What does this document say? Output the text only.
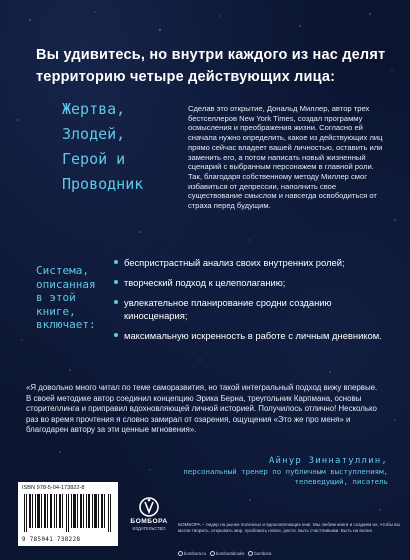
Вы удивитесь, но внутри каждого из нас делят территорию четыре действующих лица:

Жертва,
Злодей,
Герой и
Проводник

Сделав это открытие, Дональд Миллер, автор трех бестселлеров New York Times, создал программу осмысления и преображения жизни. Согласно ей сначала нужно определить, какое из действующих лиц прямо сейчас владеет вашей личностью, оставить или заменить его, а потом написать новый жизненный сценарий с выбранным персонажем в главной роли. Так, благодаря собственному методу Миллер смог избавиться от депрессии, наполнить свое существование смыслом и навсегда освободиться от страха перед будущим.

Система, описанная в этой книге, включает:

беспристрастный анализ своих внутренних ролей;
творческий подход к целеполаганию;
увлекательное планирование сродни созданию киносценария;
максимальную искренность в работе с личным дневником.

«Я довольно много читал по теме саморазвития, но такой интегральный подход вижу впервые. В своей методике автор соединил концепцию Эрика Берна, треугольник Карпмана, основы сторителлинга и приправил вдохновляющей личной историей. Получилось отлично! Несколько раз во время прочтения я словно замирал от озарения, ощущения «Это же про меня» и благодарен автору за эти ценные мгновения».

Айнур Зиннатуллин,
персональный тренер по публичным выступлениям, телеведущий, писатель
ISBN 978-5-04-173822-8
9 785041 738228
БОМБОРА
ИЗДАТЕЛЬСТВО

БОМБОРА – лидер на рынке полезных и вдохновляющих книг. Мы любим книги и создаем их, чтобы вы могли творить, открывать мир, пробовать новое, расти. Быть счастливыми. Быть на волне.

bombora.ru bomborabooks bombora
